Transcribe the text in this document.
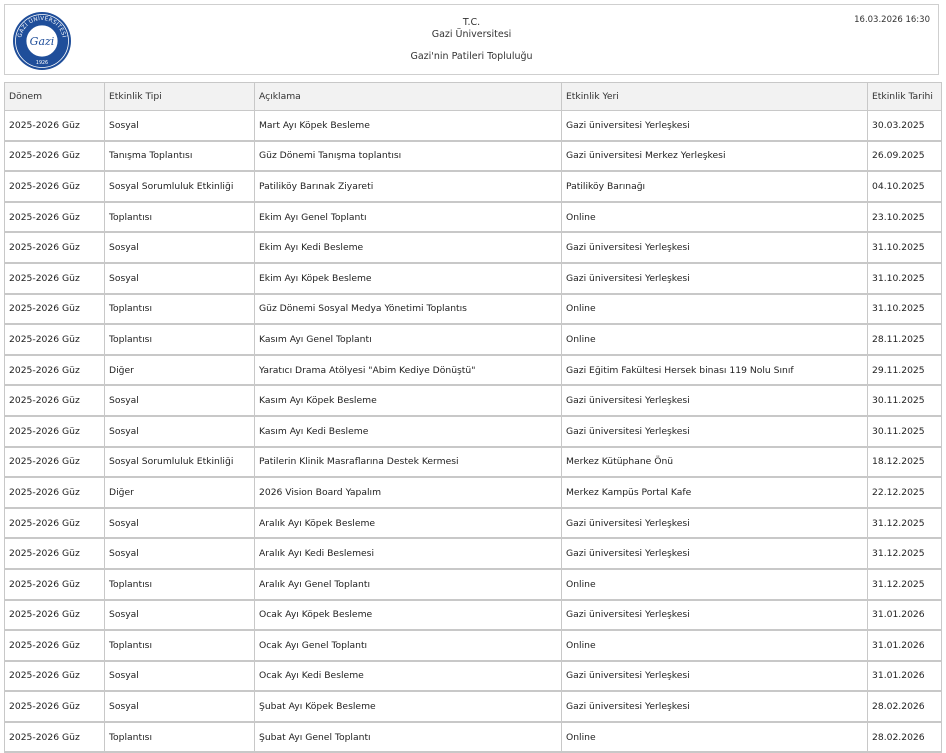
GAZİ ÜNİVERSİTESİ
Gazi
1926
T.C.
Gazi Üniversitesi
Gazi'nin Patileri Topluluğu
16.03.2026 16:30
Dönem	Etkinlik Tipi	Açıklama	Etkinlik Yeri	Etkinlik Tarihi
2025-2026 Güz	Sosyal	Mart Ayı Köpek Besleme	Gazi üniversitesi Yerleşkesi	30.03.2025
2025-2026 Güz	Tanışma Toplantısı	Güz Dönemi Tanışma toplantısı	Gazi üniversitesi Merkez Yerleşkesi	26.09.2025
2025-2026 Güz	Sosyal Sorumluluk Etkinliği	Patiliköy Barınak Ziyareti	Patiliköy Barınağı	04.10.2025
2025-2026 Güz	Toplantısı	Ekim Ayı Genel Toplantı	Online	23.10.2025
2025-2026 Güz	Sosyal	Ekim Ayı Kedi Besleme	Gazi üniversitesi Yerleşkesi	31.10.2025
2025-2026 Güz	Sosyal	Ekim Ayı Köpek Besleme	Gazi üniversitesi Yerleşkesi	31.10.2025
2025-2026 Güz	Toplantısı	Güz Dönemi Sosyal Medya Yönetimi Toplantıs	Online	31.10.2025
2025-2026 Güz	Toplantısı	Kasım Ayı Genel Toplantı	Online	28.11.2025
2025-2026 Güz	Diğer	Yaratıcı Drama Atölyesi "Abim Kediye Dönüştü"	Gazi Eğitim Fakültesi Hersek binası 119 Nolu Sınıf	29.11.2025
2025-2026 Güz	Sosyal	Kasım Ayı Köpek Besleme	Gazi üniversitesi Yerleşkesi	30.11.2025
2025-2026 Güz	Sosyal	Kasım Ayı Kedi Besleme	Gazi üniversitesi Yerleşkesi	30.11.2025
2025-2026 Güz	Sosyal Sorumluluk Etkinliği	Patilerin Klinik Masraflarına Destek Kermesi	Merkez Kütüphane Önü	18.12.2025
2025-2026 Güz	Diğer	2026 Vision Board Yapalım	Merkez Kampüs Portal Kafe	22.12.2025
2025-2026 Güz	Sosyal	Aralık Ayı Köpek Besleme	Gazi üniversitesi Yerleşkesi	31.12.2025
2025-2026 Güz	Sosyal	Aralık Ayı Kedi Beslemesi	Gazi üniversitesi Yerleşkesi	31.12.2025
2025-2026 Güz	Toplantısı	Aralık Ayı Genel Toplantı	Online	31.12.2025
2025-2026 Güz	Sosyal	Ocak Ayı Köpek Besleme	Gazi üniversitesi Yerleşkesi	31.01.2026
2025-2026 Güz	Toplantısı	Ocak Ayı Genel Toplantı	Online	31.01.2026
2025-2026 Güz	Sosyal	Ocak Ayı Kedi Besleme	Gazi üniversitesi Yerleşkesi	31.01.2026
2025-2026 Güz	Sosyal	Şubat Ayı Köpek Besleme	Gazi üniversitesi Yerleşkesi	28.02.2026
2025-2026 Güz	Toplantısı	Şubat Ayı Genel Toplantı	Online	28.02.2026
